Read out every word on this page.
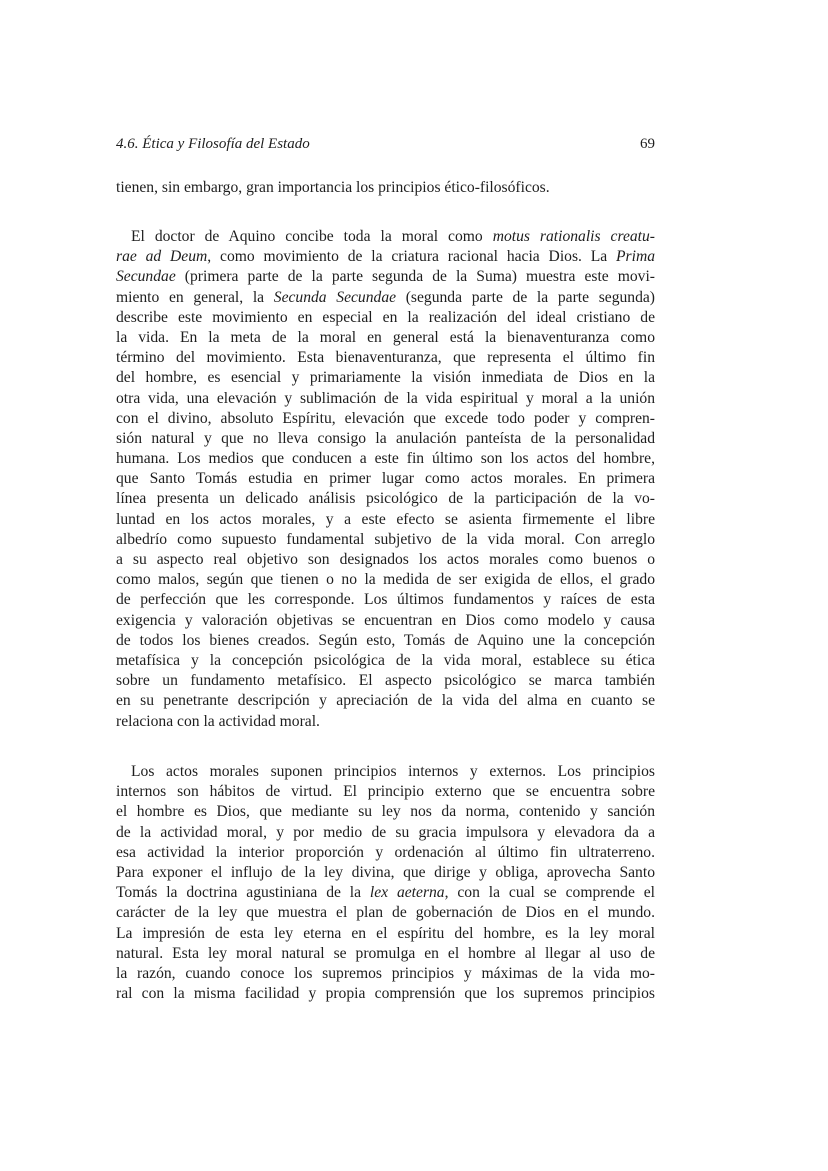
4.6. Ética y Filosofía del Estado	69
tienen, sin embargo, gran importancia los principios ético-filosóficos.
El doctor de Aquino concibe toda la moral como motus rationalis creatu-
rae ad Deum, como movimiento de la criatura racional hacia Dios. La Prima
Secundae (primera parte de la parte segunda de la Suma) muestra este movi-
miento en general, la Secunda Secundae (segunda parte de la parte segunda)
describe este movimiento en especial en la realización del ideal cristiano de
la vida. En la meta de la moral en general está la bienaventuranza como
término del movimiento. Esta bienaventuranza, que representa el último fin
del hombre, es esencial y primariamente la visión inmediata de Dios en la
otra vida, una elevación y sublimación de la vida espiritual y moral a la unión
con el divino, absoluto Espíritu, elevación que excede todo poder y compren-
sión natural y que no lleva consigo la anulación panteísta de la personalidad
humana. Los medios que conducen a este fin último son los actos del hombre,
que Santo Tomás estudia en primer lugar como actos morales. En primera
línea presenta un delicado análisis psicológico de la participación de la vo-
luntad en los actos morales, y a este efecto se asienta firmemente el libre
albedrío como supuesto fundamental subjetivo de la vida moral. Con arreglo
a su aspecto real objetivo son designados los actos morales como buenos o
como malos, según que tienen o no la medida de ser exigida de ellos, el grado
de perfección que les corresponde. Los últimos fundamentos y raíces de esta
exigencia y valoración objetivas se encuentran en Dios como modelo y causa
de todos los bienes creados. Según esto, Tomás de Aquino une la concepción
metafísica y la concepción psicológica de la vida moral, establece su ética
sobre un fundamento metafísico. El aspecto psicológico se marca también
en su penetrante descripción y apreciación de la vida del alma en cuanto se
relaciona con la actividad moral.
Los actos morales suponen principios internos y externos. Los principios
internos son hábitos de virtud. El principio externo que se encuentra sobre
el hombre es Dios, que mediante su ley nos da norma, contenido y sanción
de la actividad moral, y por medio de su gracia impulsora y elevadora da a
esa actividad la interior proporción y ordenación al último fin ultraterreno.
Para exponer el influjo de la ley divina, que dirige y obliga, aprovecha Santo
Tomás la doctrina agustiniana de la lex aeterna, con la cual se comprende el
carácter de la ley que muestra el plan de gobernación de Dios en el mundo.
La impresión de esta ley eterna en el espíritu del hombre, es la ley moral
natural. Esta ley moral natural se promulga en el hombre al llegar al uso de
la razón, cuando conoce los supremos principios y máximas de la vida mo-
ral con la misma facilidad y propia comprensión que los supremos principios
